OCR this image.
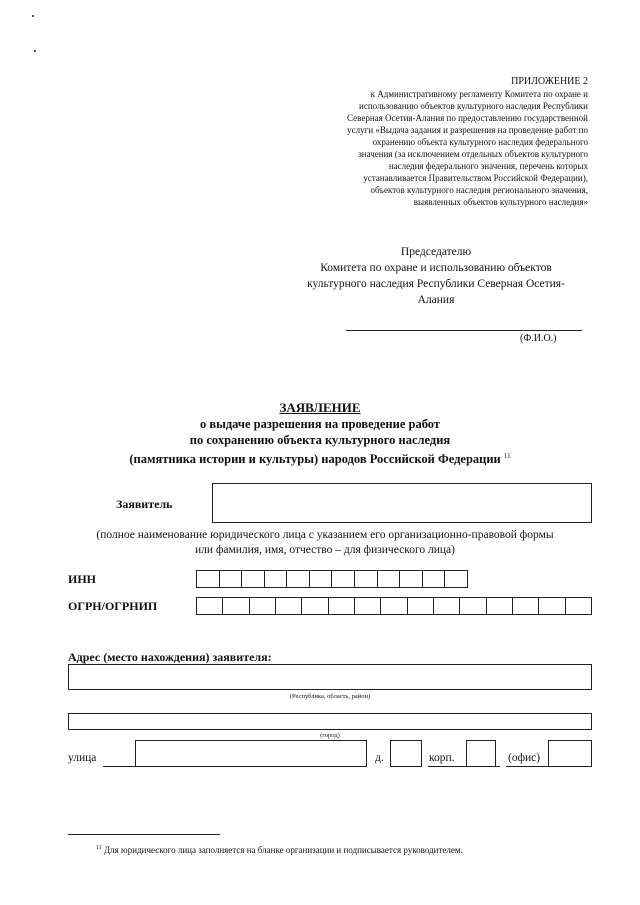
ПРИЛОЖЕНИЕ 2
к Административному регламенту Комитета по охране и
использованию объектов культурного наследия Республики
Северная Осетия-Алания по предоставлению государственной
услуги «Выдача задания и разрешения на проведение работ по
охранению объекта культурного наследия федерального
значения (за исключением отдельных объектов культурного
наследия федерального значения, перечень которых
устанавливается Правительством Российской Федерации),
объектов культурного наследия регионального значения,
выявленных объектов культурного наследия»
Председателю
Комитета по охране и использованию объектов
культурного наследия Республики Северная Осетия-
Алания
(Ф.И.О.)
ЗАЯВЛЕНИЕ
о выдаче разрешения на проведение работ
по сохранению объекта культурного наследия
(памятника истории и культуры) народов Российской Федерации $^{11}$
Заявитель
(полное наименование юридического лица с указанием его организационно-правовой формы
или фамилия, имя, отчество – для физического лица)
ИНН
ОГРН/ОГРНИП
Адрес (место нахождения) заявителя:
(Республика, область, район)
(город)
улица	д.	корп.	(офис)
$^{11}$ Для юридического лица заполняется на бланке организации и подписывается руководителем.
